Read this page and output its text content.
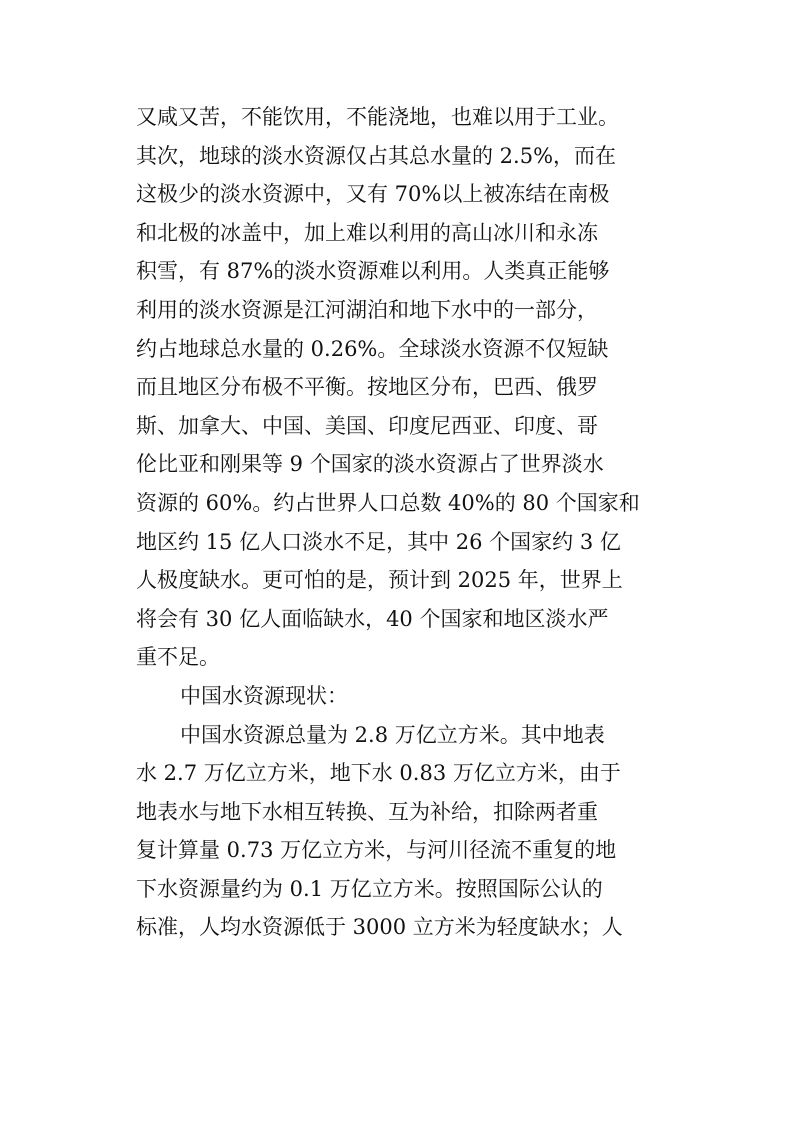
又咸又苦，不能饮用，不能浇地，也难以用于工业。
其次，地球的淡水资源仅占其总水量的 2.5%，而在
这极少的淡水资源中，又有 70%以上被冻结在南极
和北极的冰盖中，加上难以利用的高山冰川和永冻
积雪，有 87%的淡水资源难以利用。人类真正能够
利用的淡水资源是江河湖泊和地下水中的一部分，
约占地球总水量的 0.26%。全球淡水资源不仅短缺
而且地区分布极不平衡。按地区分布，巴西、俄罗
斯、加拿大、中国、美国、印度尼西亚、印度、哥
伦比亚和刚果等 9 个国家的淡水资源占了世界淡水
资源的 60%。约占世界人口总数 40%的 80 个国家和
地区约 15 亿人口淡水不足，其中 26 个国家约 3 亿
人极度缺水。更可怕的是，预计到 2025 年，世界上
将会有 30 亿人面临缺水，40 个国家和地区淡水严
重不足。
中国水资源现状：
中国水资源总量为 2.8 万亿立方米。其中地表
水 2.7 万亿立方米，地下水 0.83 万亿立方米，由于
地表水与地下水相互转换、互为补给，扣除两者重
复计算量 0.73 万亿立方米，与河川径流不重复的地
下水资源量约为 0.1 万亿立方米。按照国际公认的
标准，人均水资源低于 3000 立方米为轻度缺水；人
